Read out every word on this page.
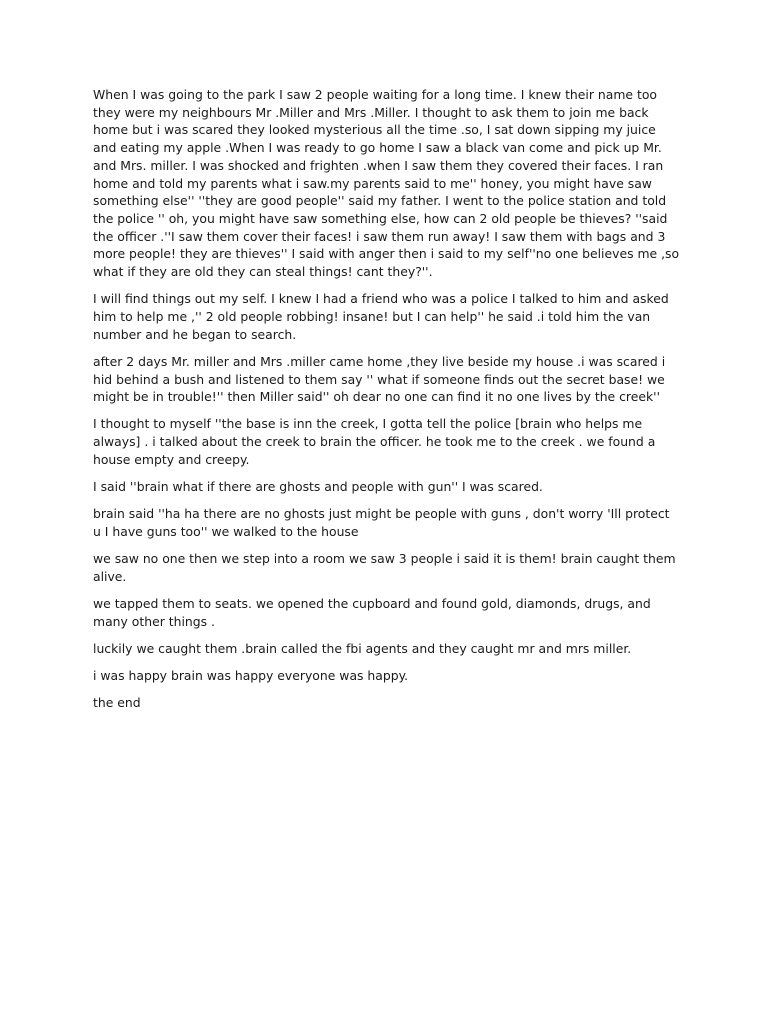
When I was going to the park I saw 2 people waiting for a long time. I knew their name too they were my neighbours Mr .Miller and Mrs .Miller. I thought to ask them to join me back home but i was scared they looked mysterious all the time .so, I sat down sipping my juice and eating my apple .When I was ready to go home I saw a black van come and pick up Mr. and Mrs. miller. I was shocked and frighten .when I saw them they covered their faces. I ran home and told my parents what i saw.my parents said to me'' honey, you might have saw something else'' ''they are good people'' said my father. I went to the police station and told the police '' oh, you might have saw something else, how can 2 old people be thieves? ''said the officer .''I saw them cover their faces! i saw them run away! I saw them with bags and 3 more people! they are thieves'' I said with anger then i said to my self''no one believes me ,so what if they are old they can steal things! cant they?''.

I will find things out my self. I knew I had a friend who was a police I talked to him and asked him to help me ,'' 2 old people robbing! insane! but I can help'' he said .i told him the van number and he began to search.

after 2 days Mr. miller and Mrs .miller came home ,they live beside my house .i was scared i hid behind a bush and listened to them say '' what if someone finds out the secret base! we might be in trouble!'' then Miller said'' oh dear no one can find it no one lives by the creek''

I thought to myself ''the base is inn the creek, I gotta tell the police [brain who helps me always] . i talked about the creek to brain the officer. he took me to the creek . we found a house empty and creepy.

I said ''brain what if there are ghosts and people with gun'' I was scared.

brain said ''ha ha there are no ghosts just might be people with guns , don't worry 'Ill protect u I have guns too'' we walked to the house

we saw no one then we step into a room we saw 3 people i said it is them! brain caught them alive.

we tapped them to seats. we opened the cupboard and found gold, diamonds, drugs, and many other things .

luckily we caught them .brain called the fbi agents and they caught mr and mrs miller.

i was happy brain was happy everyone was happy.

the end
